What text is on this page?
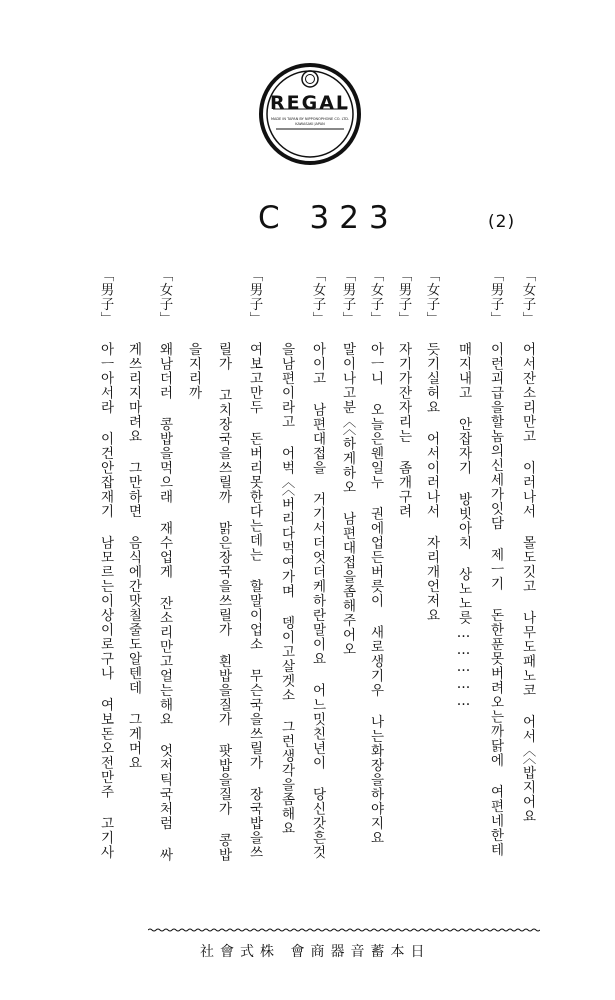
REGAL
MADE IN TAPAN BY NIPPONOPHONE CO. LTD.
KAWASAKI JAPAN
C 323	(2)
「女子」어서잔소리만고 이러나서 몰도깃고 나무도패노코 어서〈〈밥지어요
「男子」이런괴급을할놈의신세가잇담 제ㅡ기 돈한푼못버려오는까닭에 여편네한테
매지내고 안잡자기 방빗아치 상노노릇……………
「女子」듯기실허요 어서이러나서 자리개언저요
「男子」자기가잔자리는 좀개구려
「女子」아ㅡ니 오늘은웬일누 권에업든버릇이 새로생기우 나는화장을하야지요
「男子」말이나고분〈〈하게하오 남편대접을좀해주어오
「女子」아이고 남편대접을 거기서더엇더케하란말이요 어느밋친년이 당신갓흔것
을남편이라고 어벅〈〈버리다먹여가며 뎅이고살겟소 그런생각을좀해요
「男子」여보고만두 돈버리못한다는데는 할말이업소 무슨국을쓰릴가 장국밥을쓰
릴가 고치장국을쓰릴까 맑은장국을쓰릴가 흰밥을질가 팟밥을질가 콩밥
을지리까
「女子」왜남더러 콩밥을먹으래 재수업게 잔소리만고얼는해요 엇저틱국처럼 싸
게쓰리지마려요 그만하면 음식에간맛칠줄도알텐데 그게머요
「男子」아ㅡ아서라 이건안잡재기 남모르는이상이로구나 여보돈오전만주 고기사
社會式株 會商器音蓄本日
